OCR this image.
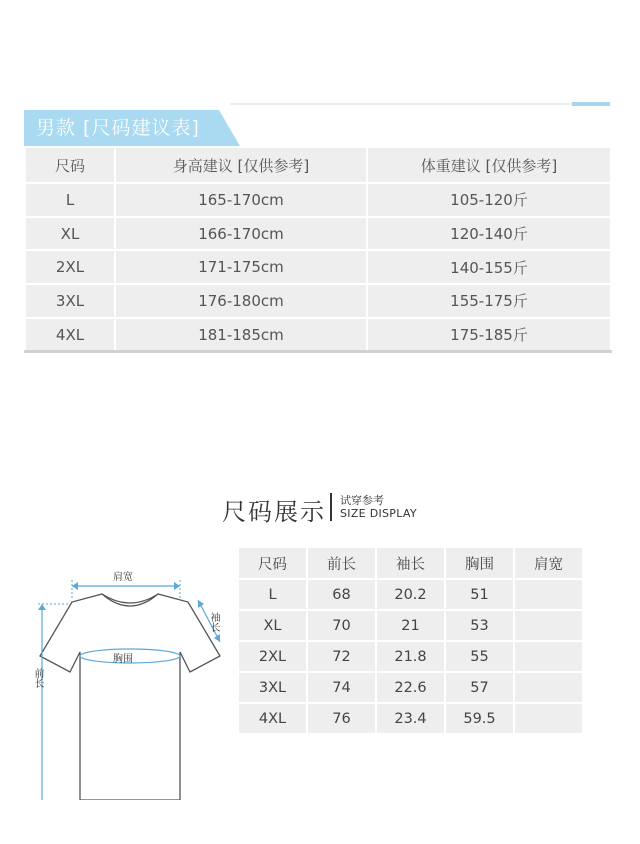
男款 [尺码建议表]
尺码	身高建议 [仅供参考]	体重建议 [仅供参考]
L	165-170cm	105-120斤
XL	166-170cm	120-140斤
2XL	171-175cm	140-155斤
3XL	176-180cm	155-175斤
4XL	181-185cm	175-185斤
尺码展示 试穿参考
SIZE DISPLAY
肩宽
袖长
胸围
前长
尺码	前长	袖长	胸围	肩宽
L	68	20.2	51	
XL	70	21	53	
2XL	72	21.8	55	
3XL	74	22.6	57	
4XL	76	23.4	59.5	
